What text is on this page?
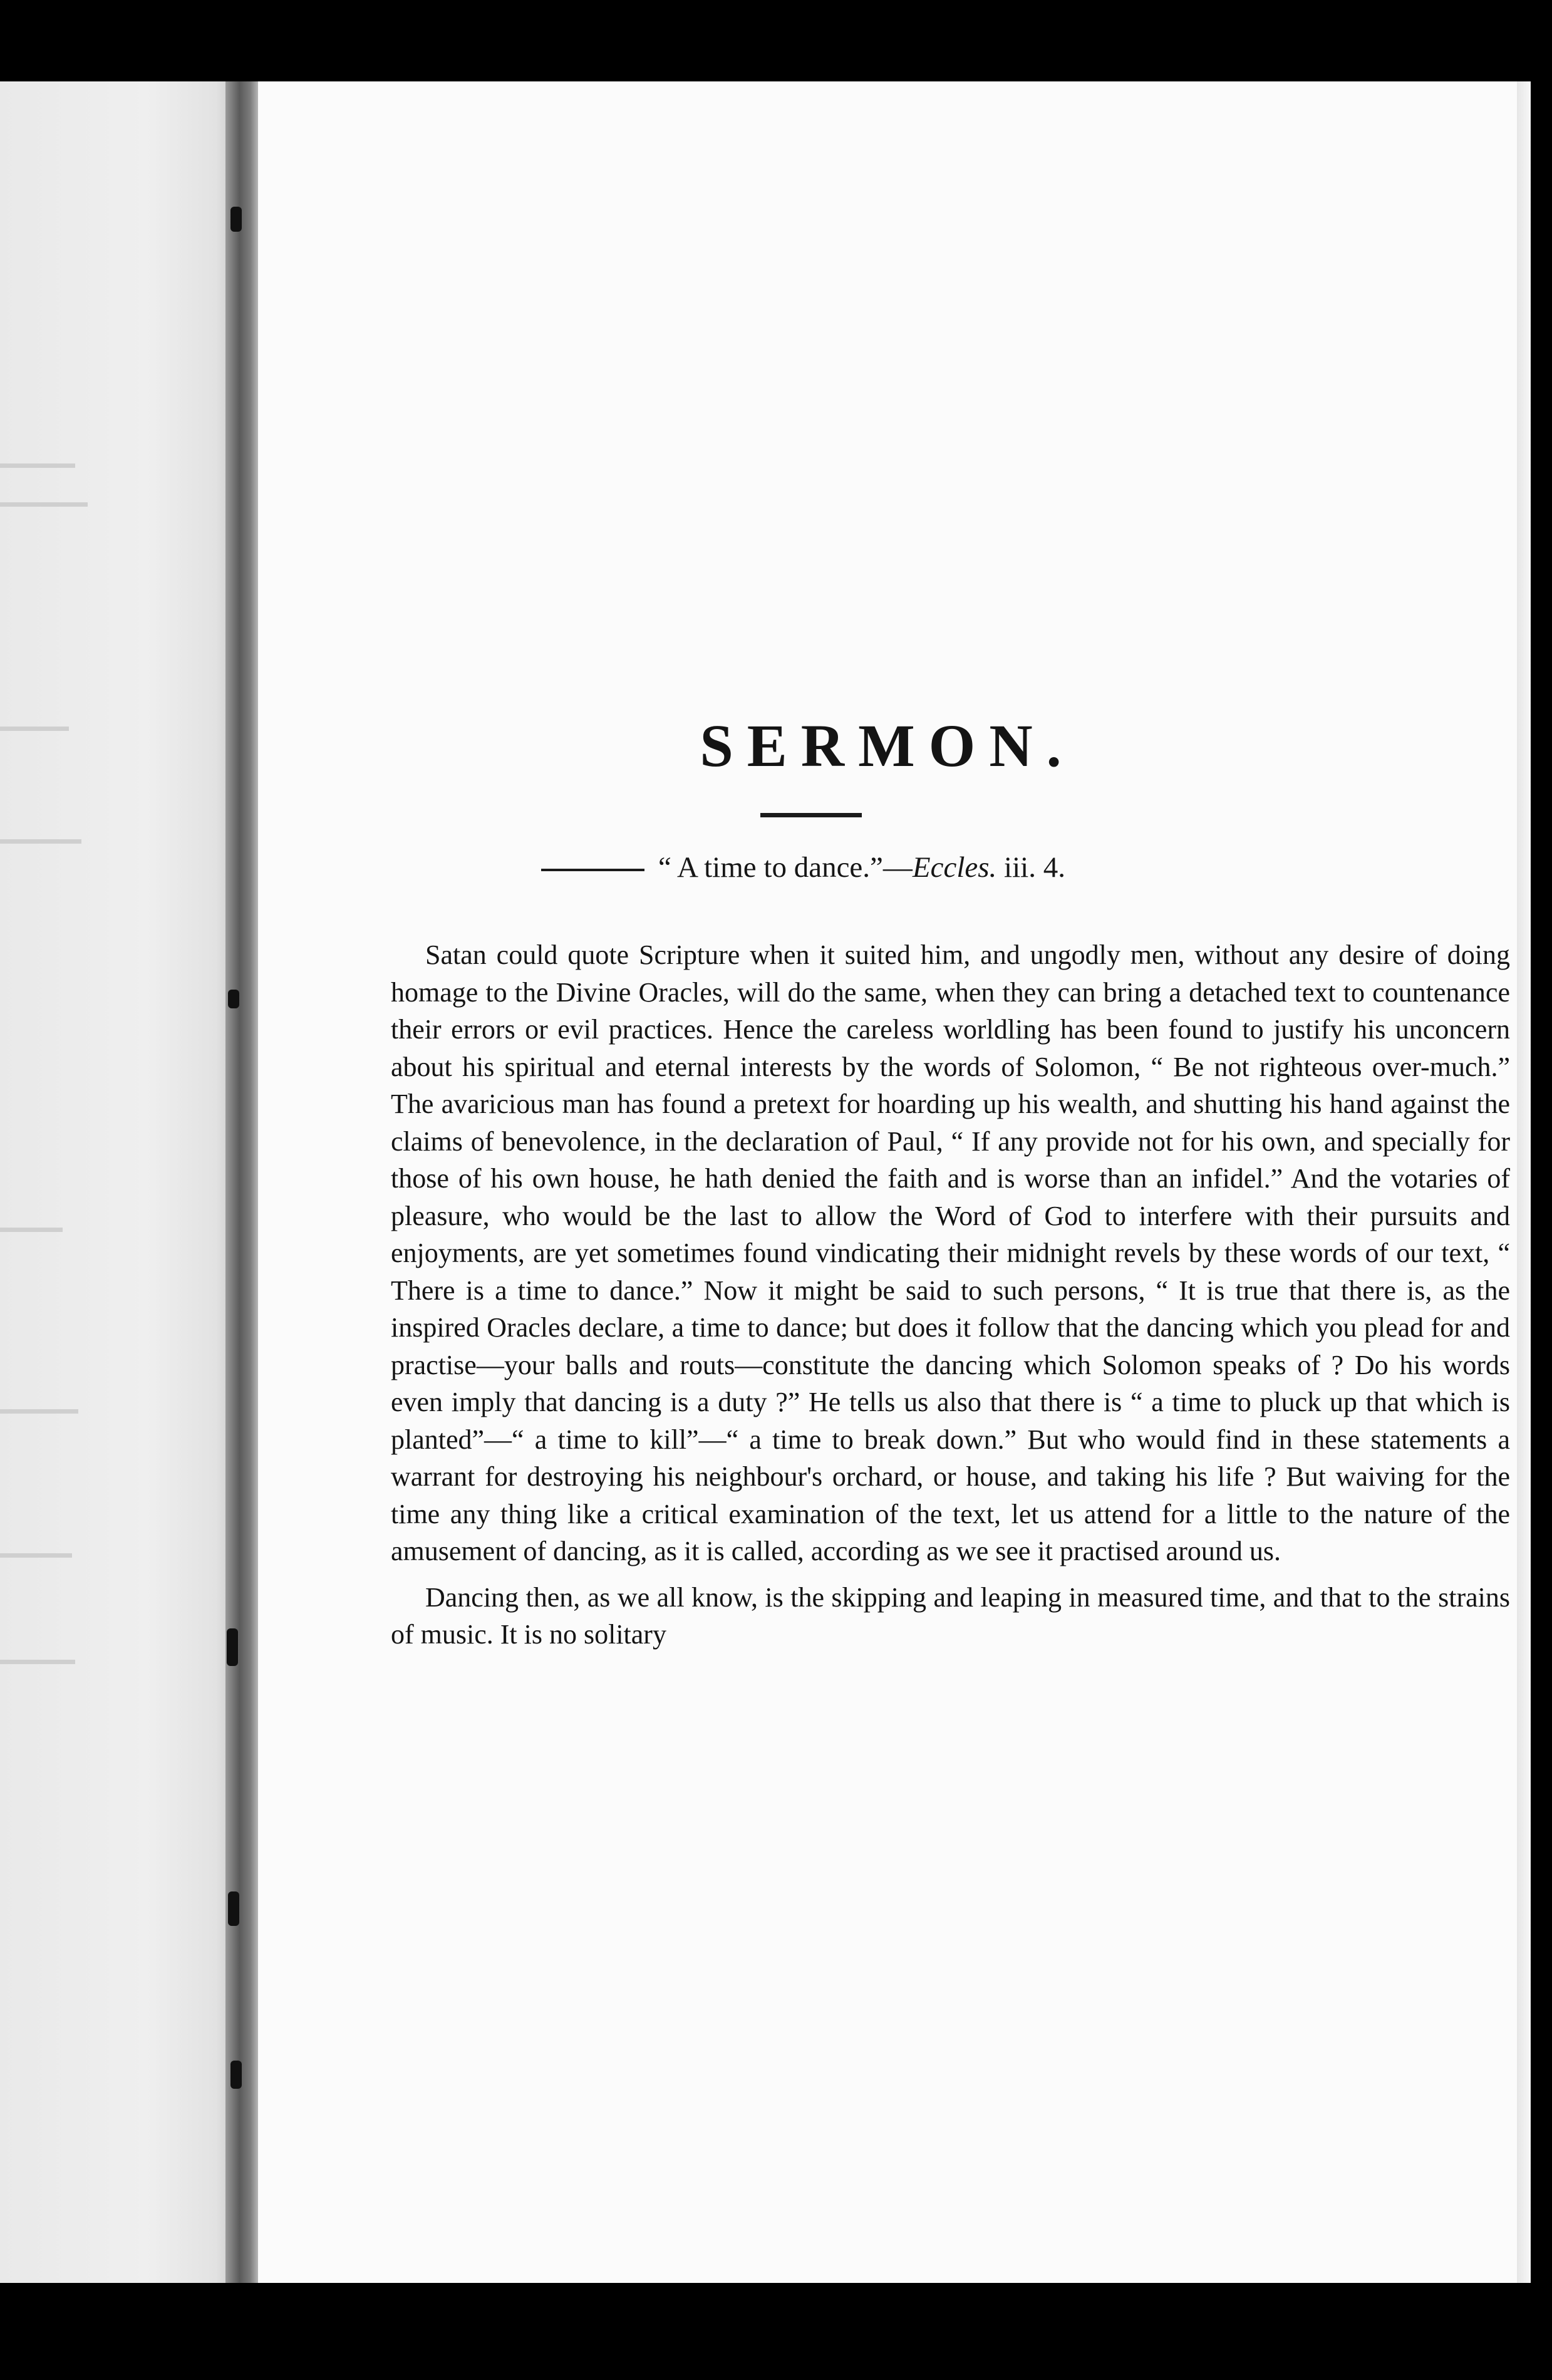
SERMON.
“ A time to dance.”—Eccles. iii. 4.

Satan could quote Scripture when it suited him, and ungodly men, without any desire of doing homage to the Divine Oracles, will do the same, when they can bring a detached text to countenance their errors or evil practices. Hence the careless worldling has been found to justify his unconcern about his spiritual and eternal interests by the words of Solomon, “ Be not righteous over-much.” The avaricious man has found a pretext for hoarding up his wealth, and shutting his hand against the claims of benevolence, in the declaration of Paul, “ If any provide not for his own, and specially for those of his own house, he hath denied the faith and is worse than an infidel.” And the votaries of pleasure, who would be the last to allow the Word of God to interfere with their pursuits and enjoyments, are yet sometimes found vindicating their midnight revels by these words of our text, “ There is a time to dance.” Now it might be said to such persons, “ It is true that there is, as the inspired Oracles declare, a time to dance; but does it follow that the dancing which you plead for and practise—your balls and routs—constitute the dancing which Solomon speaks of ? Do his words even imply that dancing is a duty ?” He tells us also that there is “ a time to pluck up that which is planted”—“ a time to kill”—“ a time to break down.” But who would find in these statements a warrant for destroying his neighbour's orchard, or house, and taking his life ? But waiving for the time any thing like a critical examination of the text, let us attend for a little to the nature of the amusement of dancing, as it is called, according as we see it practised around us.

Dancing then, as we all know, is the skipping and leaping in measured time, and that to the strains of music. It is no solitary
